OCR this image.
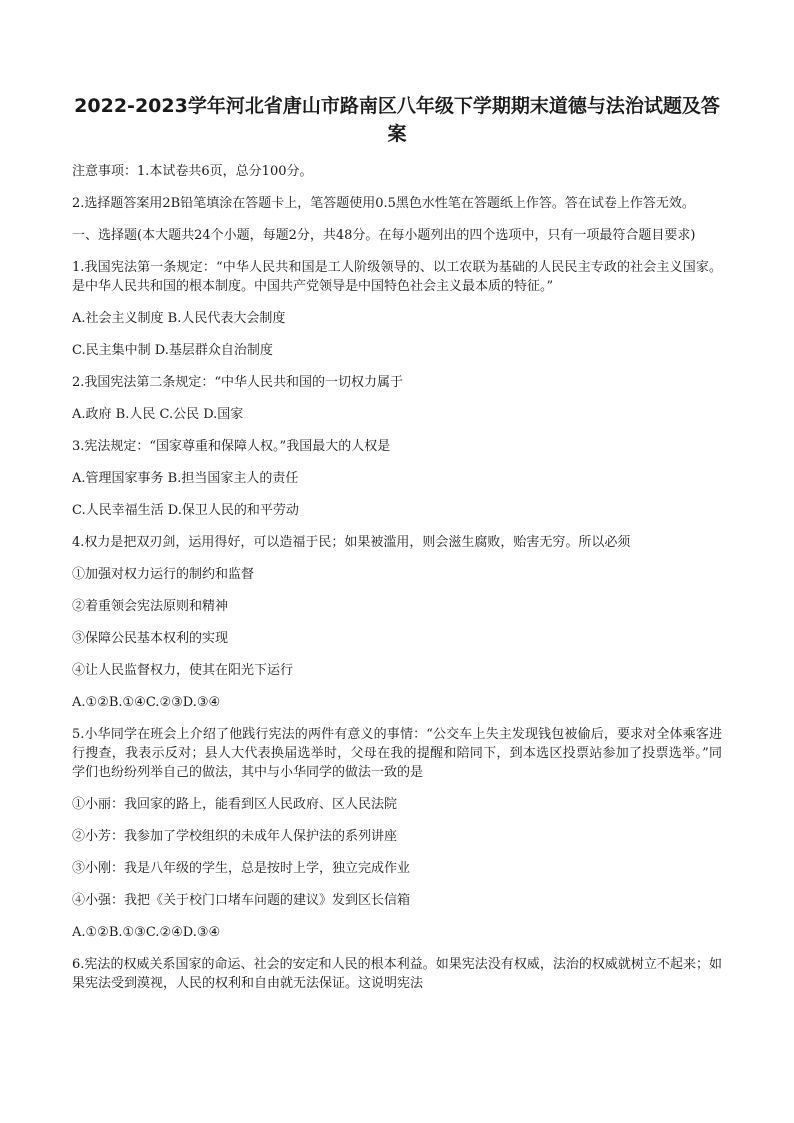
2022-2023学年河北省唐山市路南区八年级下学期期末道德与法治试题及答案

注意事项：1.本试卷共6页，总分100分。

2.选择题答案用2B铅笔填涂在答题卡上，笔答题使用0.5黑色水性笔在答题纸上作答。答在试卷上作答无效。

一、选择题(本大题共24个小题，每题2分，共48分。在每小题列出的四个选项中，只有一项最符合题目要求)

1.我国宪法第一条规定：“中华人民共和国是工人阶级领导的、以工农联为基础的人民民主专政的社会主义国家。是中华人民共和国的根本制度。中国共产党领导是中国特色社会主义最本质的特征。”

A.社会主义制度 B.人民代表大会制度

C.民主集中制 D.基层群众自治制度

2.我国宪法第二条规定：“中华人民共和国的一切权力属于

A.政府 B.人民 C.公民 D.国家

3.宪法规定：“国家尊重和保障人权。”我国最大的人权是

A.管理国家事务 B.担当国家主人的责任

C.人民幸福生活 D.保卫人民的和平劳动

4.权力是把双刃剑，运用得好，可以造福于民；如果被滥用，则会滋生腐败，贻害无穷。所以必须

①加强对权力运行的制约和监督

②着重领会宪法原则和精神

③保障公民基本权利的实现

④让人民监督权力，使其在阳光下运行

A.①②B.①④C.②③D.③④

5.小华同学在班会上介绍了他践行宪法的两件有意义的事情：“公交车上失主发现钱包被偷后，要求对全体乘客进行搜查，我表示反对；县人大代表换届选举时，父母在我的提醒和陪同下，到本选区投票站参加了投票选举。”同学们也纷纷列举自己的做法，其中与小华同学的做法一致的是

①小丽：我回家的路上，能看到区人民政府、区人民法院

②小芳：我参加了学校组织的未成年人保护法的系列讲座

③小刚：我是八年级的学生，总是按时上学，独立完成作业

④小强：我把《关于校门口堵车问题的建议》发到区长信箱

A.①②B.①③C.②④D.③④

6.宪法的权威关系国家的命运、社会的安定和人民的根本利益。如果宪法没有权威，法治的权威就树立不起来；如果宪法受到漠视，人民的权利和自由就无法保证。这说明宪法
